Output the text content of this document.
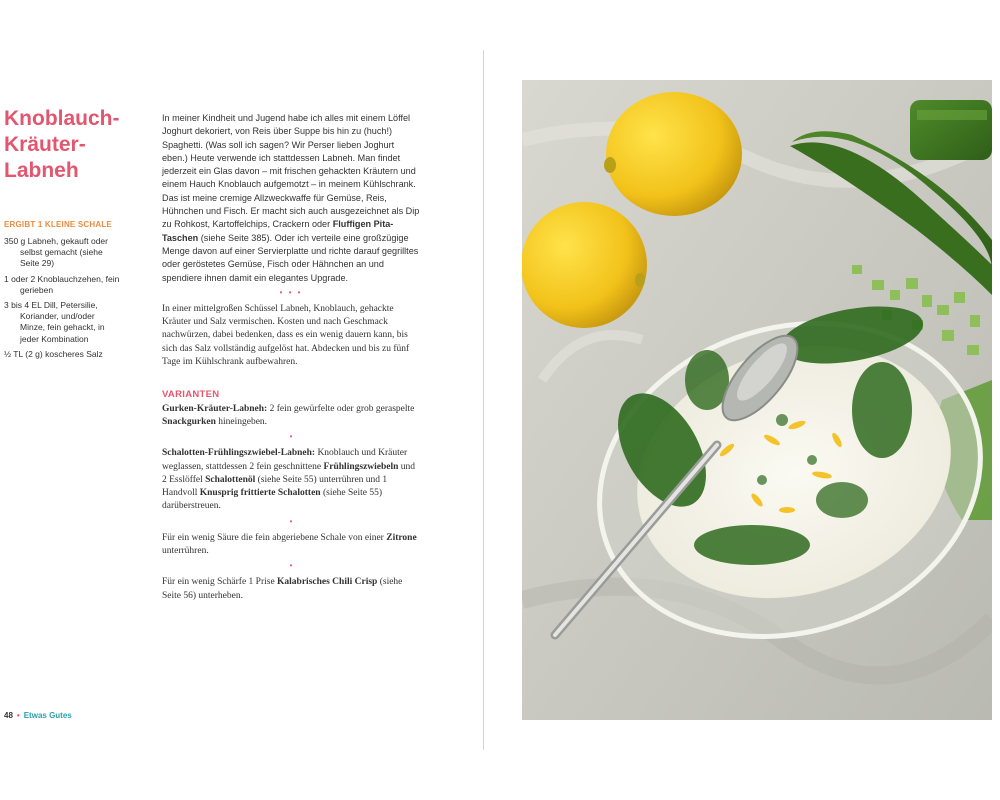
Knoblauch-
Kräuter-
Labneh
ERGIBT 1 KLEINE SCHALE
350 g Labneh, gekauft oder selbst gemacht (siehe Seite 29)
1 oder 2 Knoblauchzehen, fein gerieben
3 bis 4 EL Dill, Petersilie, Koriander, und/oder Minze, fein gehackt, in jeder Kombination
½ TL (2 g) koscheres Salz

In meiner Kindheit und Jugend habe ich alles mit einem Löffel Joghurt dekoriert, von Reis über Suppe bis hin zu (huch!) Spaghetti. (Was soll ich sagen? Wir Perser lieben Joghurt eben.) Heute verwende ich stattdessen Labneh. Man findet jederzeit ein Glas davon – mit frischen gehackten Kräutern und einem Hauch Knoblauch aufgemotzt – in meinem Kühlschrank. Das ist meine cremige Allzweckwaffe für Gemüse, Reis, Hühnchen und Fisch. Er macht sich auch ausgezeichnet als Dip zu Rohkost, Kartoffelchips, Crackern oder Fluffigen Pita-Taschen (siehe Seite 385). Oder ich verteile eine großzügige Menge davon auf einer Servierplatte und richte darauf gegrilltes oder geröstetes Gemüse, Fisch oder Hähnchen an und spendiere ihnen damit ein elegantes Upgrade.

• • •

In einer mittelgroßen Schüssel Labneh, Knoblauch, gehackte Kräuter und Salz vermischen. Kosten und nach Geschmack nachwürzen, dabei bedenken, dass es ein wenig dauern kann, bis sich das Salz vollständig aufgelöst hat. Abdecken und bis zu fünf Tage im Kühlschrank aufbewahren.

VARIANTEN

Gurken-Kräuter-Labneh: 2 fein gewürfelte oder grob geraspelte Snackgurken hineingeben.

•

Schalotten-Frühlingszwiebel-Labneh: Knoblauch und Kräuter weglassen, stattdessen 2 fein geschnittene Frühlingszwiebeln und 2 Esslöffel Schalottenöl (siehe Seite 55) unterrühren und 1 Handvoll Knusprig frittierte Schalotten (siehe Seite 55) darüberstreuen.

•

Für ein wenig Säure die fein abgeriebene Schale von einer Zitrone unterrühren.

•

Für ein wenig Schärfe 1 Prise Kalabrisches Chili Crisp (siehe Seite 56) unterheben.

48 • Etwas Gutes
